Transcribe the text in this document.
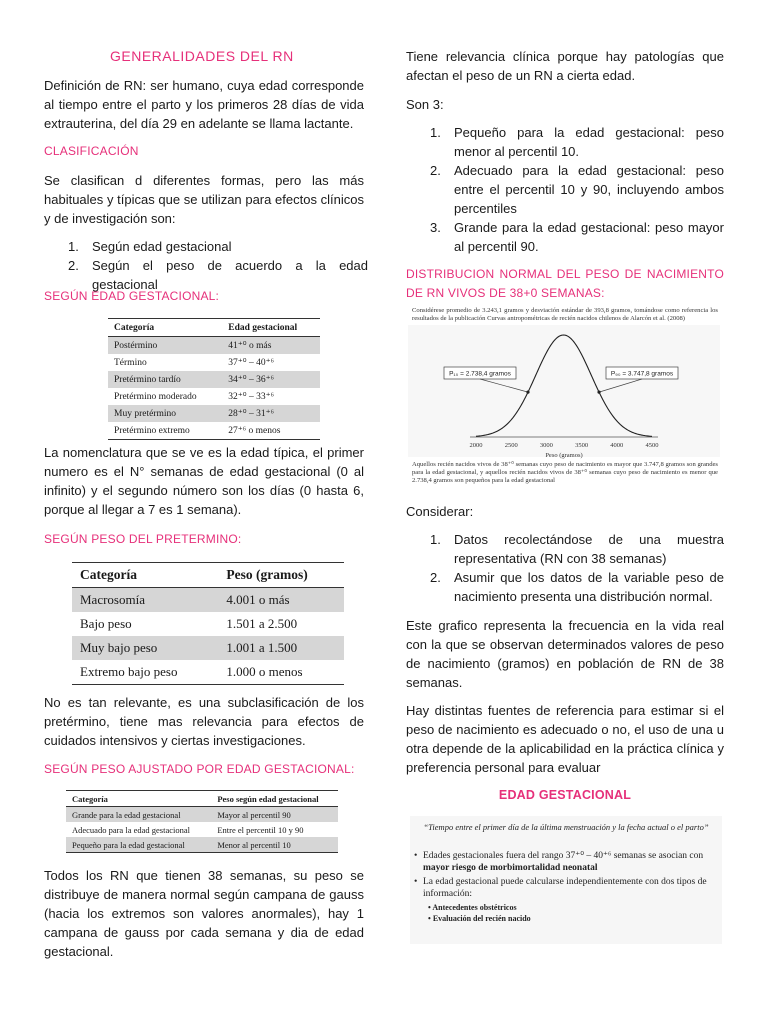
GENERALIDADES DEL RN

Definición de RN: ser humano, cuya edad corresponde al tiempo entre el parto y los primeros 28 días de vida extrauterina, del día 29 en adelante se llama lactante.

CLASIFICACIÓN

Se clasifican d diferentes formas, pero las más habituales y típicas que se utilizan para efectos clínicos y de investigación son:

1. Según edad gestacional
2. Según el peso de acuerdo a la edad gestacional
SEGÚN EDAD GESTACIONAL:
Categoría	Edad gestacional
Postérmino	41⁺⁰ o más
Término	37⁺⁰ – 40⁺⁶
Pretérmino tardío	34⁺⁰ – 36⁺⁶
Pretérmino moderado	32⁺⁰ – 33⁺⁶
Muy pretérmino	28⁺⁰ – 31⁺⁶
Pretérmino extremo	27⁺⁶ o menos

La nomenclatura que se ve es la edad típica, el primer numero es el N° semanas de edad gestacional (0 al infinito) y el segundo número son los días (0 hasta 6, porque al llegar a 7 es 1 semana).

SEGÚN PESO DEL PRETERMINO:
Categoría	Peso (gramos)
Macrosomía	4.001 o más
Bajo peso	1.501 a 2.500
Muy bajo peso	1.001 a 1.500
Extremo bajo peso	1.000 o menos

No es tan relevante, es una subclasificación de los pretérmino, tiene mas relevancia para efectos de cuidados intensivos y ciertas investigaciones.

SEGÚN PESO AJUSTADO POR EDAD GESTACIONAL:
Categoría	Peso según edad gestacional
Grande para la edad gestacional	Mayor al percentil 90
Adecuado para la edad gestacional	Entre el percentil 10 y 90
Pequeño para la edad gestacional	Menor al percentil 10

Todos los RN que tienen 38 semanas, su peso se distribuye de manera normal según campana de gauss (hacia los extremos son valores anormales), hay 1 campana de gauss por cada semana y dia de edad gestacional.

Tiene relevancia clínica porque hay patologías que afectan el peso de un RN a cierta edad.

Son 3:

1. Pequeño para la edad gestacional: peso menor al percentil 10.
2. Adecuado para la edad gestacional: peso entre el percentil 10 y 90, incluyendo ambos percentiles
3. Grande para la edad gestacional: peso mayor al percentil 90.
DISTRIBUCION NORMAL DEL PESO DE NACIMIENTO DE RN VIVOS DE 38+0 SEMANAS:
Considérese promedio de 3.243,1 gramos y desviación estándar de 393,8 gramos, tomándose como referencia los resultados de la publicación Curvas antropométricas de recién nacidos chilenos de Alarcón et al. (2008)
2000	2500	3000	3500	4000	4500
Peso (gramos)
P₁₀ = 2.738,4 gramos	P₉₀ = 3.747,8 gramos
Aquellos recién nacidos vivos de 38⁺⁰ semanas cuyo peso de nacimiento es mayor que 3.747,8 gramos son grandes para la edad gestacional, y aquellos recién nacidos vivos de 38⁺⁰ semanas cuyo peso de nacimiento es menor que 2.738,4 gramos son pequeños para la edad gestacional

Considerar:

1. Datos recolectándose de una muestra representativa (RN con 38 semanas)
2. Asumir que los datos de la variable peso de nacimiento presenta una distribución normal.

Este grafico representa la frecuencia en la vida real con la que se observan determinados valores de peso de nacimiento (gramos) en población de RN de 38 semanas.

Hay distintas fuentes de referencia para estimar si el peso de nacimiento es adecuado o no, el uso de una u otra depende de la aplicabilidad en la práctica clínica y preferencia personal para evaluar

EDAD GESTACIONAL
“Tiempo entre el primer día de la última menstruación y la fecha actual o el parto”
• Edades gestacionales fuera del rango 37⁺⁰ – 40⁺⁶ semanas se asocian con mayor riesgo de morbimortalidad neonatal
• La edad gestacional puede calcularse independientemente con dos tipos de información:
• Antecedentes obstétricos
• Evaluación del recién nacido
